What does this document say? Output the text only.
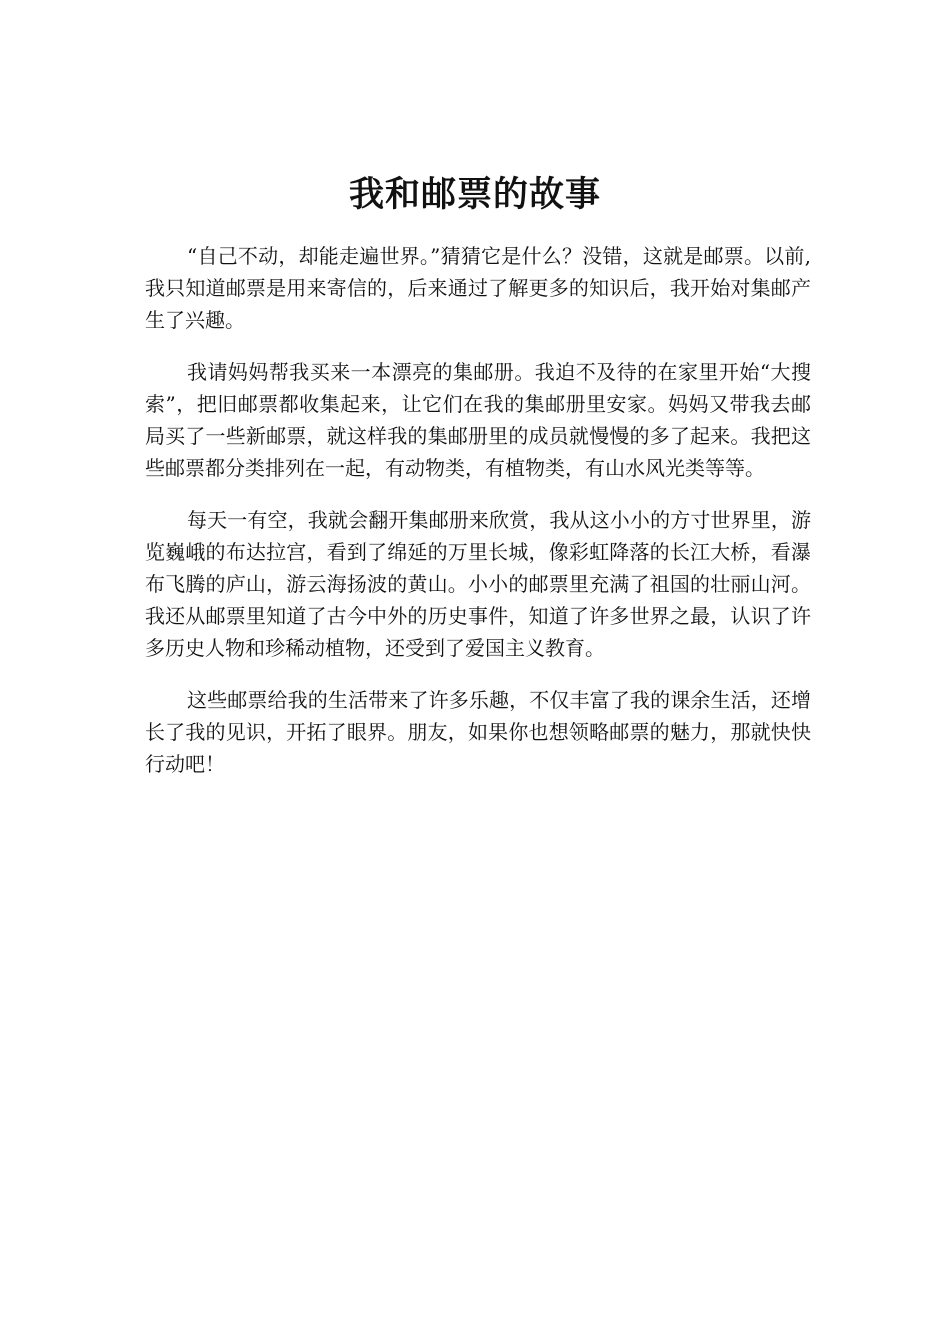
我和邮票的故事

“自己不动，却能走遍世界。”猜猜它是什么？没错，这就是邮票。以前,我只知道邮票是用来寄信的，后来通过了解更多的知识后，我开始对集邮产生了兴趣。

我请妈妈帮我买来一本漂亮的集邮册。我迫不及待的在家里开始“大搜索”，把旧邮票都收集起来，让它们在我的集邮册里安家。妈妈又带我去邮局买了一些新邮票，就这样我的集邮册里的成员就慢慢的多了起来。我把这些邮票都分类排列在一起，有动物类，有植物类，有山水风光类等等。

每天一有空，我就会翻开集邮册来欣赏，我从这小小的方寸世界里，游览巍峨的布达拉宫，看到了绵延的万里长城，像彩虹降落的长江大桥，看瀑布飞腾的庐山，游云海扬波的黄山。小小的邮票里充满了祖国的壮丽山河。我还从邮票里知道了古今中外的历史事件，知道了许多世界之最，认识了许多历史人物和珍稀动植物，还受到了爱国主义教育。

这些邮票给我的生活带来了许多乐趣，不仅丰富了我的课余生活，还增长了我的见识，开拓了眼界。朋友，如果你也想领略邮票的魅力，那就快快行动吧！
